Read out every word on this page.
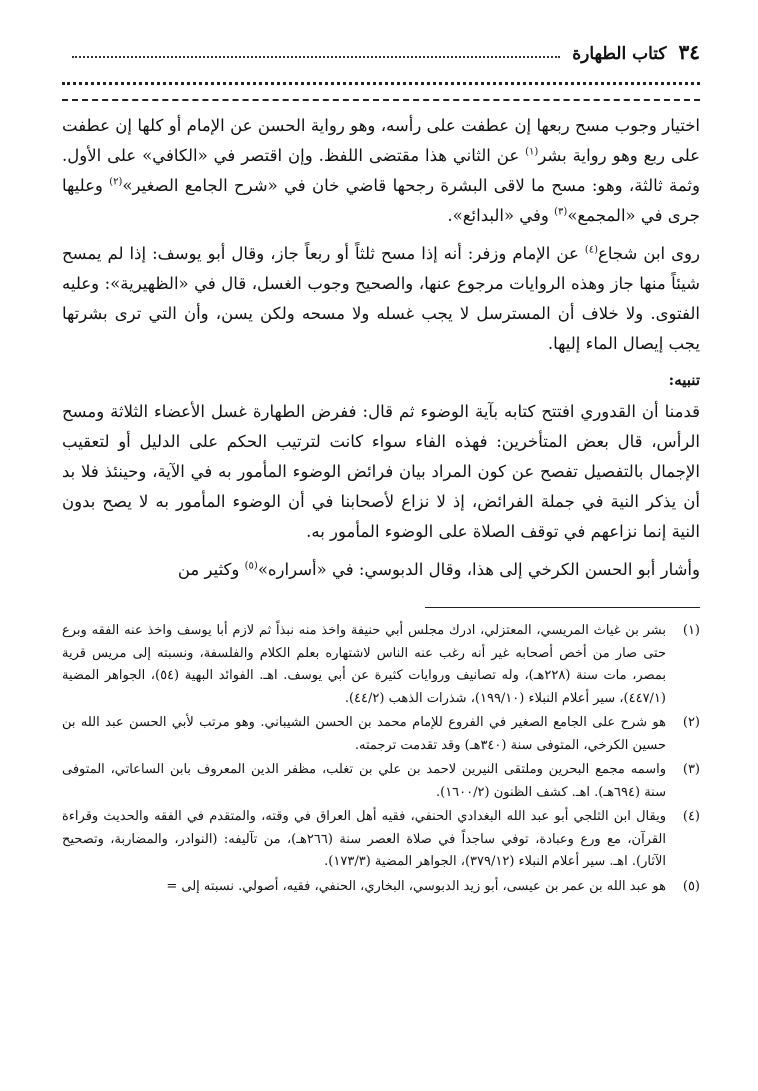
٣٤
كتاب الطهارة

اختيار وجوب مسح ربعها إن عطفت على رأسه، وهو رواية الحسن عن الإمام أو كلها إن عطفت على ربع وهو رواية بشر$^{(١)}$ عن الثاني هذا مقتضى اللفظ. وإن اقتصر في «الكافي» على الأول. وثمة ثالثة، وهو: مسح ما لاقى البشرة رجحها قاضي خان في «شرح الجامع الصغير»$^{(٢)}$ وعليها جرى في «المجمع»$^{(٣)}$ وفي «البدائع».

روى ابن شجاع$^{(٤)}$ عن الإمام وزفر: أنه إذا مسح ثلثاً أو ربعاً جاز، وقال أبو يوسف: إذا لم يمسح شيئاً منها جاز وهذه الروايات مرجوع عنها، والصحيح وجوب الغسل، قال في «الظهيرية»: وعليه الفتوى. ولا خلاف أن المسترسل لا يجب غسله ولا مسحه ولكن يسن، وأن التي ترى بشرتها يجب إيصال الماء إليها.

تنبيه:

قدمنا أن القدوري افتتح كتابه بآية الوضوء ثم قال: ففرض الطهارة غسل الأعضاء الثلاثة ومسح الرأس، قال بعض المتأخرين: فهذه الفاء سواء كانت لترتيب الحكم على الدليل أو لتعقيب الإجمال بالتفصيل تفصح عن كون المراد بيان فرائض الوضوء المأمور به في الآية، وحينئذ فلا بد أن يذكر النية في جملة الفرائض، إذ لا نزاع لأصحابنا في أن الوضوء المأمور به لا يصح بدون النية إنما نزاعهم في توقف الصلاة على الوضوء المأمور به.

وأشار أبو الحسن الكرخي إلى هذا، وقال الدبوسي: في «أسراره»$^{(٥)}$ وكثير من

(١)
بشر بن غياث المريسي، المعتزلي، ادرك مجلس أبي حنيفة واخذ منه نبذاً ثم لازم أبا يوسف واخذ عنه الفقه وبرع حتى صار من أخص أصحابه غير أنه رغب عنه الناس لاشتهاره بعلم الكلام والفلسفة، ونسبته إلى مريس قرية بمصر، مات سنة (٢٢٨هـ)، وله تصانيف وروايات كثيرة عن أبي يوسف. اهـ. الفوائد البهية (٥٤)، الجواهر المضية (٤٤٧/١)، سير أعلام النبلاء (١٩٩/١٠)، شذرات الذهب (٤٤/٢).
(٢)
هو شرح على الجامع الصغير في الفروع للإمام محمد بن الحسن الشيباني. وهو مرتب لأبي الحسن عبد الله بن حسين الكرخي، المتوفى سنة (٣٤٠هـ) وقد تقدمت ترجمته.
(٣)
واسمه مجمع البحرين وملتقى النيرين لاحمد بن علي بن تغلب، مظفر الدين المعروف بابن الساعاتي، المتوفى سنة (٦٩٤هـ). اهـ. كشف الظنون (١٦٠٠/٢).
(٤)
ويقال ابن الثلجي أبو عبد الله البغدادي الحنفي، فقيه أهل العراق في وقته، والمتقدم في الفقه والحديث وقراءة القرآن، مع ورع وعبادة، توفي ساجداً في صلاة العصر سنة (٢٦٦هـ)، من تآليفه: (النوادر، والمضاربة، وتصحيح الآثار). اهـ. سير أعلام النبلاء (٣٧٩/١٢)، الجواهر المضية (١٧٣/٣).
(٥)
هو عبد الله بن عمر بن عيسى، أبو زيد الدبوسي، البخاري، الحنفي، فقيه، أصولي. نسبته إلى =
